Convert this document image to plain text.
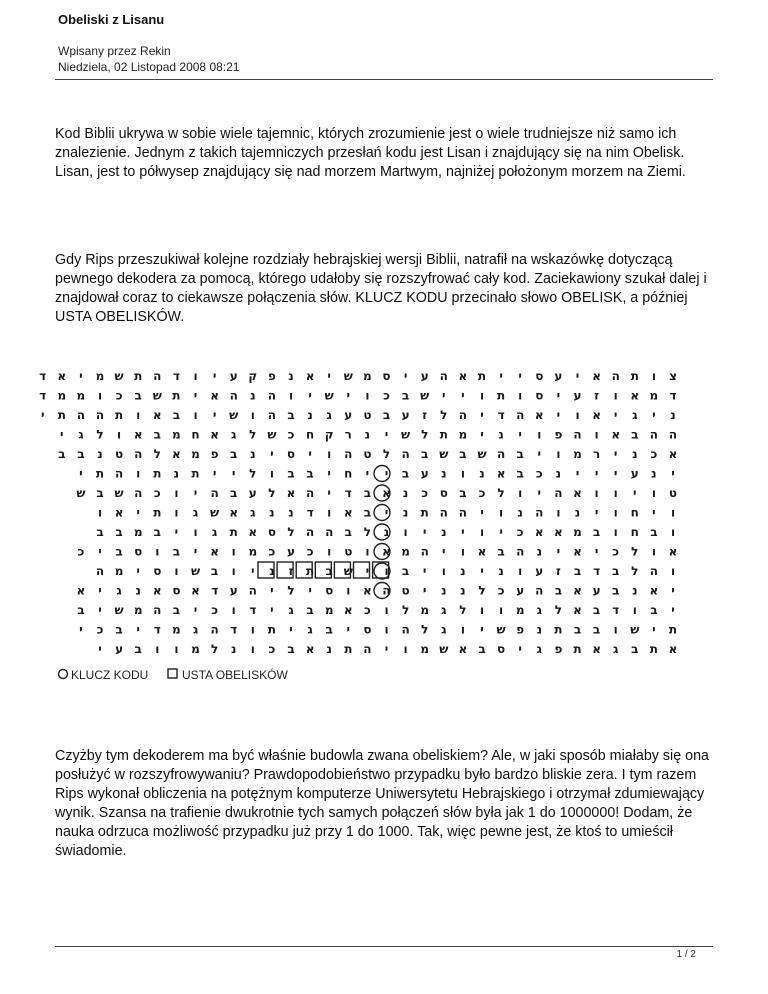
Obeliski z Lisanu
Wpisany przez Rekin
Niedziela, 02 Listopad 2008 08:21

Kod Biblii ukrywa w sobie wiele tajemnic, których zrozumienie jest o wiele trudniejsze niż samo ich znalezienie. Jednym z takich tajemniczych przesłań kodu jest Lisan i znajdujący się na nim Obelisk. Lisan, jest to półwysep znajdujący się nad morzem Martwym, najniżej położonym morzem na Ziemi.

Gdy Rips przeszukiwał kolejne rozdziały hebrajskiej wersji Biblii, natrafił na wskazówkę dotyczącą pewnego dekodera za pomocą, którego udałoby się rozszyfrować cały kod. Zaciekawiony szukał dalej i znajdował coraz to ciekawsze połączenia słów. KLUCZ KODU przecinało słowo OBELISK, a później USTA OBELISKÓW.

צ
ו
ת
ה
א
י
ע
ס
י
י
ת
א
ה
ע
י
ס
מ
ש
י
א
נ
פ
ק
ע
י
ו
ד
ה
ת
ש
מ
י
א
ד
ד
מ
א
ו
ז
ע
י
ס
ו
ת
ו
י
י
ש
ב
כ
ו
י
ש
י
ו
ה
נ
ה
א
י
ת
ש
ב
כ
ו
מ
מ
ד
נ
י
ג
י
א
ו
י
א
ה
ד
י
ה
ל
ז
ע
ב
ט
ע
ג
נ
ב
ה
ו
ש
י
ו
ב
א
ו
ת
ה
ה
ת
י
ה
ה
ב
א
ו
ה
פ
ו
י
נ
י
מ
ת
ל
ש
י
נ
ר
ק
ח
כ
ש
ל
ג
א
ח
מ
ב
א
ו
ל
ג
י
א
כ
נ
י
ר
מ
ו
י
ב
ה
ש
ב
ש
ב
ה
ל
ט
ה
ו
י
ס
י
נ
ב
פ
מ
א
ל
ה
ט
נ
ב
ב
י
נ
ע
י
י
י
נ
כ
ב
א
נ
ו
נ
ע
ב
י
י
ח
י
ב
ב
ו
ל
י
י
ת
נ
ת
ו
ה
ת
י
ט
ו
י
ו
ו
א
ה
י
ו
ל
כ
ב
ס
כ
נ
א
ב
ד
י
ה
א
ל
ע
ב
ה
י
ו
כ
ה
ש
ב
ש
ו
י
ח
ו
י
נ
ו
ה
נ
ו
י
ה
ה
ת
נ
י
ב
א
ו
ד
נ
נ
ג
א
ש
ג
ו
ת
י
א
ו
ו
ב
ח
ו
ב
מ
א
א
כ
י
ו
י
נ
י
ו
נ
ל
ב
ה
ה
ל
ס
א
ת
ג
ו
י
ב
מ
ב
ב
א
ו
ל
כ
י
א
י
נ
ה
ב
א
ו
י
ה
מ
א
ו
ט
ו
כ
ע
כ
מ
ו
א
י
ב
ו
ס
ב
י
כ
ו
ה
ל
ב
ד
ב
ז
ע
ו
נ
י
נ
ו
י
ב
ו
י
ש
ב
ת
ז
נ
י
ו
ב
ש
ו
ס
י
מ
ה
י
א
נ
ב
ע
א
ב
ה
ע
כ
ל
נ
נ
י
ט
ה
א
ו
ס
י
ל
י
ה
ע
ד
א
ס
א
נ
ג
י
א
י
ב
ו
ד
ב
א
ל
ג
מ
ו
ו
ל
ג
מ
ל
ו
כ
א
מ
ב
ג
י
ד
ו
כ
י
ב
ה
מ
ש
י
ב
ת
י
ש
ו
ב
ב
ת
נ
פ
ש
י
ו
ג
ל
ה
ו
ס
י
ב
ג
י
ת
ו
ד
ה
ג
מ
ד
י
ב
כ
י
א
ת
ב
ג
א
ת
פ
ג
י
ס
ב
א
ש
מ
ו
י
ה
ת
נ
א
ב
כ
ו
נ
ל
מ
ו
ו
ב
ע
י
KLUCZ KODU	USTA OBELISKÓW

Czyżby tym dekoderem ma być właśnie budowla zwana obeliskiem? Ale, w jaki sposób miałaby się ona posłużyć w rozszyfrowywaniu? Prawdopodobieństwo przypadku było bardzo bliskie zera. I tym razem Rips wykonał obliczenia na potężnym komputerze Uniwersytetu Hebrajskiego i otrzymał zdumiewający wynik. Szansa na trafienie dwukrotnie tych samych połączeń słów była jak 1 do 1000000! Dodam, że nauka odrzuca możliwość przypadku już przy 1 do 1000. Tak, więc pewne jest, że ktoś to umieścił świadomie.

1 / 2
